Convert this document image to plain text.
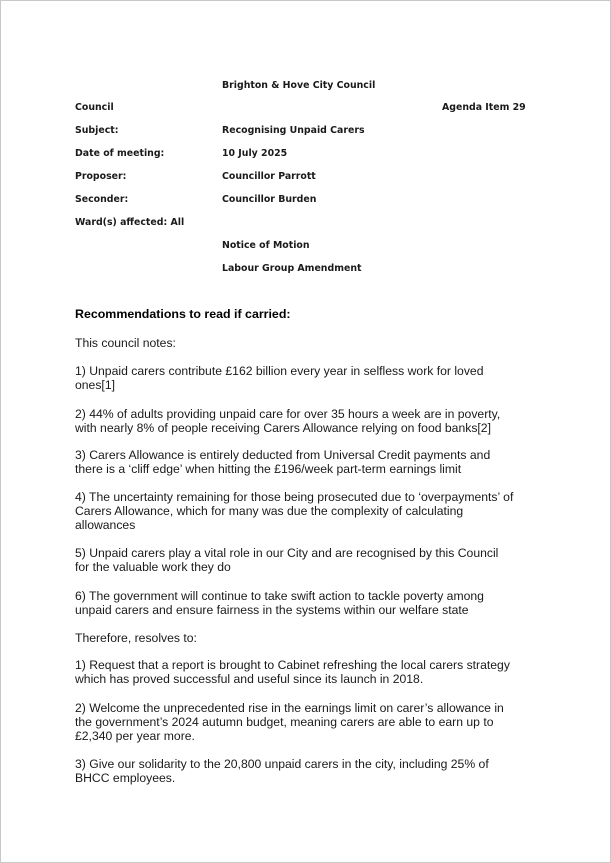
Brighton & Hove City Council
Council	Agenda Item 29
Subject:	Recognising Unpaid Carers
Date of meeting:	10 July 2025
Proposer:	Councillor Parrott
Seconder:	Councillor Burden
Ward(s) affected: All
Notice of Motion
Labour Group Amendment
Recommendations to read if carried:
This council notes:
1) Unpaid carers contribute £162 billion every year in selfless work for loved
ones[1]
2) 44% of adults providing unpaid care for over 35 hours a week are in poverty,
with nearly 8% of people receiving Carers Allowance relying on food banks[2]
3) Carers Allowance is entirely deducted from Universal Credit payments and
there is a ‘cliff edge’ when hitting the £196/week part-term earnings limit
4) The uncertainty remaining for those being prosecuted due to ‘overpayments’ of
Carers Allowance, which for many was due the complexity of calculating
allowances
5) Unpaid carers play a vital role in our City and are recognised by this Council
for the valuable work they do
6) The government will continue to take swift action to tackle poverty among
unpaid carers and ensure fairness in the systems within our welfare state
Therefore, resolves to:
1) Request that a report is brought to Cabinet refreshing the local carers strategy
which has proved successful and useful since its launch in 2018.
2) Welcome the unprecedented rise in the earnings limit on carer’s allowance in
the government’s 2024 autumn budget, meaning carers are able to earn up to
£2,340 per year more.
3) Give our solidarity to the 20,800 unpaid carers in the city, including 25% of
BHCC employees.
